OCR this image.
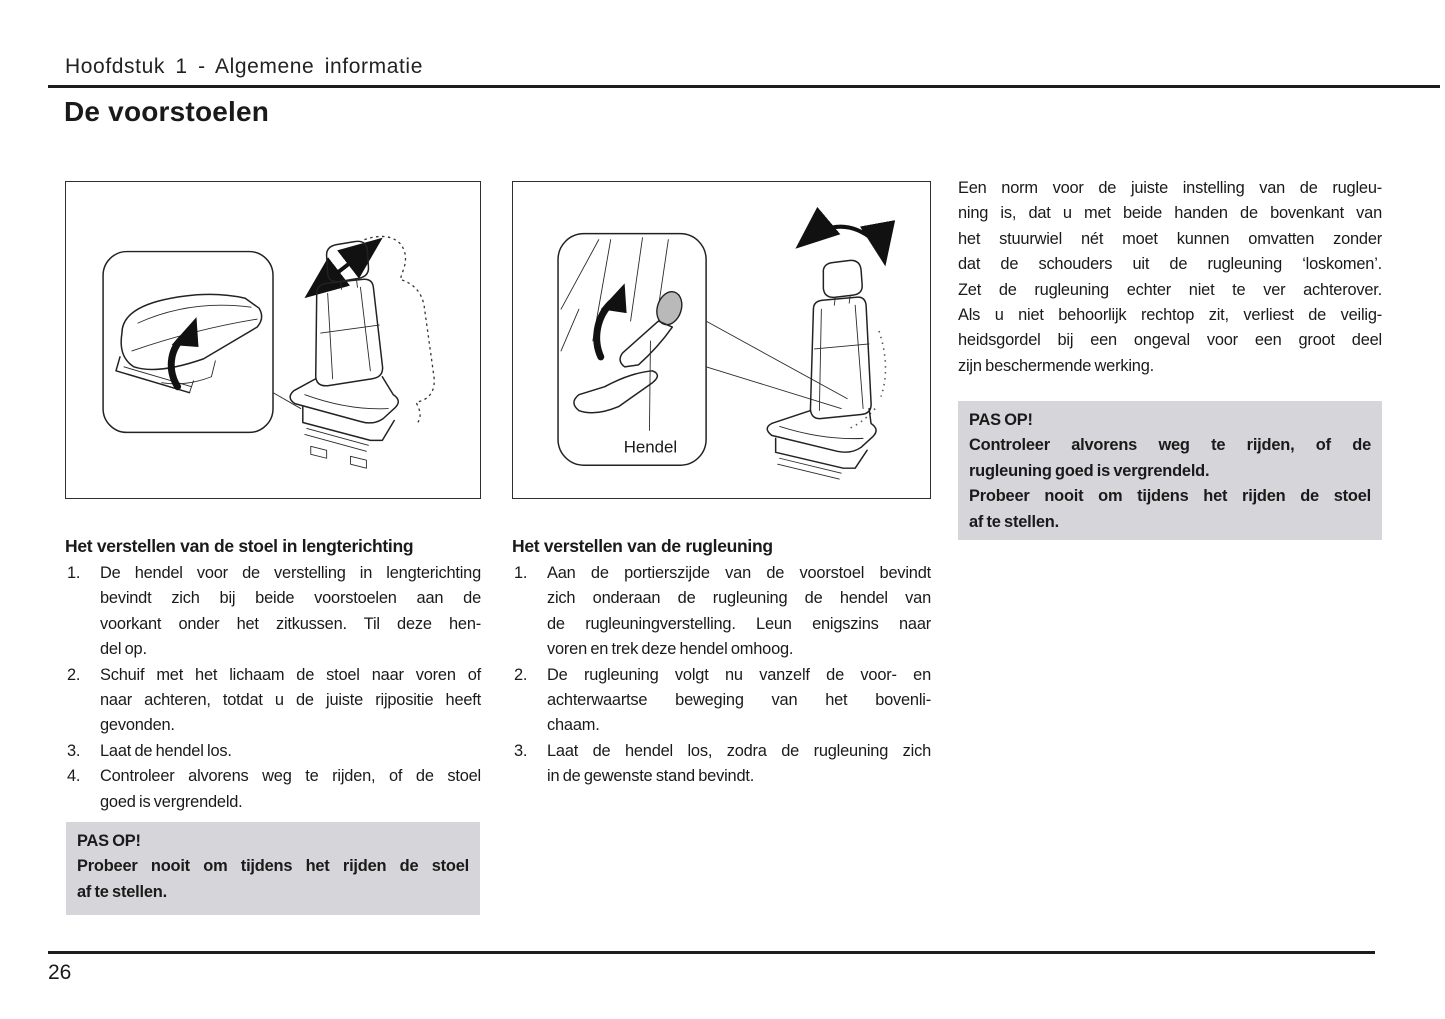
Hoofdstuk 1 - Algemene informatie
De voorstoelen
Hendel
Een norm voor de juiste instelling van de rugleu-
ning is, dat u met beide handen de bovenkant van
het stuurwiel nét moet kunnen omvatten zonder
dat de schouders uit de rugleuning ‘loskomen’.
Zet de rugleuning echter niet te ver achterover.
Als u niet behoorlijk rechtop zit, verliest de veilig-
heidsgordel bij een ongeval voor een groot deel
zijn beschermende werking.
PAS OP!
Controleer alvorens weg te rijden, of de
rugleuning goed is vergrendeld.
Probeer nooit om tijdens het rijden de stoel
af te stellen.
Het verstellen van de stoel in lengterichting	Het verstellen van de rugleuning
1.	De hendel voor de verstelling in lengterichting
bevindt zich bij beide voorstoelen aan de
voorkant onder het zitkussen. Til deze hen-
del op.
2.	Schuif met het lichaam de stoel naar voren of
naar achteren, totdat u de juiste rijpositie heeft
gevonden.
3.	Laat de hendel los.
4.	Controleer alvorens weg te rijden, of de stoel
goed is vergrendeld.
1.	Aan de portierszijde van de voorstoel bevindt
zich onderaan de rugleuning de hendel van
de rugleuningverstelling. Leun enigszins naar
voren en trek deze hendel omhoog.
2.	De rugleuning volgt nu vanzelf de voor- en
achterwaartse beweging van het bovenli-
chaam.
3.	Laat de hendel los, zodra de rugleuning zich
in de gewenste stand bevindt.
PAS OP!
Probeer nooit om tijdens het rijden de stoel
af te stellen.
26
